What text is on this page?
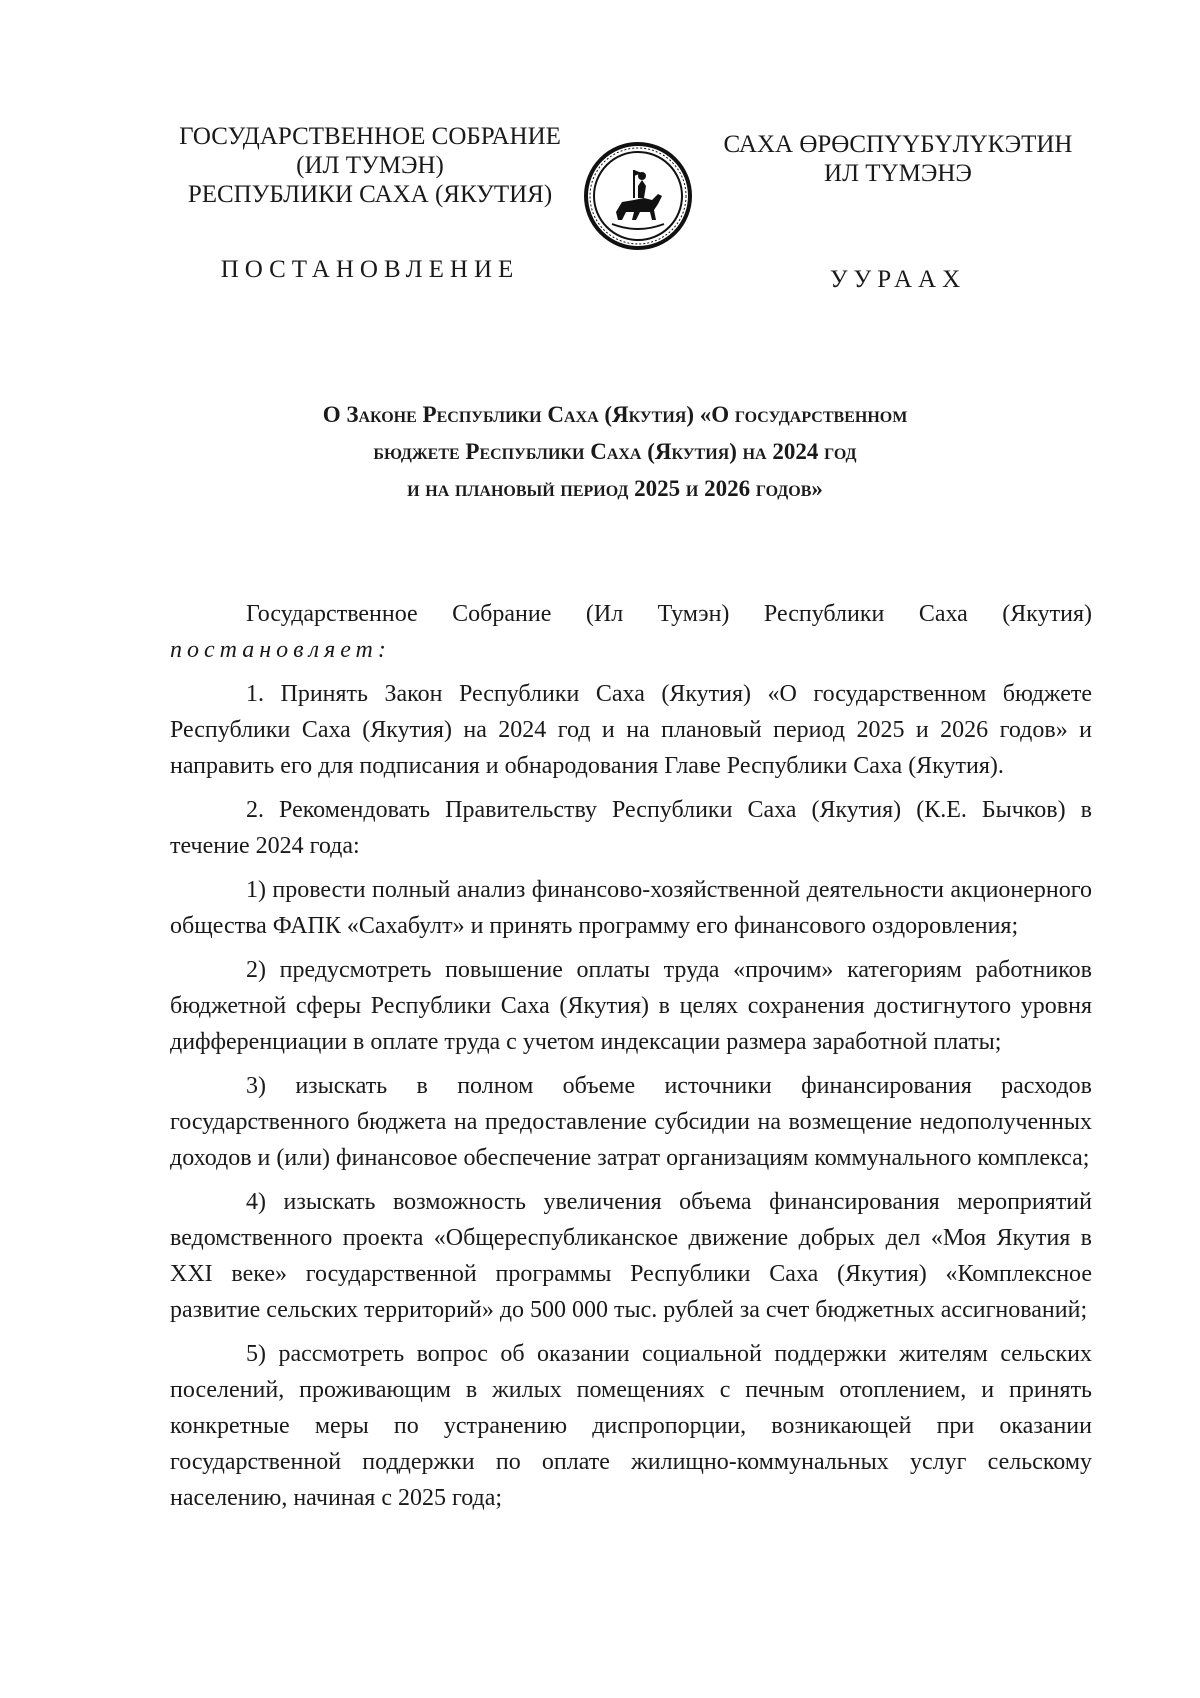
ГОСУДАРСТВЕННОЕ СОБРАНИЕ
(ИЛ ТУМЭН)
РЕСПУБЛИКИ САХА (ЯКУТИЯ)
САХА ӨРӨСПҮҮБҮЛҮКЭТИН
ИЛ ТҮМЭНЭ
ПОСТАНОВЛЕНИЕ	УУРААХ
О Законе Республики Саха (Якутия) «О государственном
бюджете Республики Саха (Якутия) на 2024 год
и на плановый период 2025 и 2026 годов»

Государственное Собрание (Ил Тумэн) Республики Саха (Якутия) постановляет:

1. Принять Закон Республики Саха (Якутия) «О государственном бюджете Республики Саха (Якутия) на 2024 год и на плановый период 2025 и 2026 годов» и направить его для подписания и обнародования Главе Республики Саха (Якутия).

2. Рекомендовать Правительству Республики Саха (Якутия) (К.Е. Бычков) в течение 2024 года:

1) провести полный анализ финансово-хозяйственной деятельности акционерного общества ФАПК «Сахабулт» и принять программу его финансового оздоровления;

2) предусмотреть повышение оплаты труда «прочим» категориям работников бюджетной сферы Республики Саха (Якутия) в целях сохранения достигнутого уровня дифференциации в оплате труда с учетом индексации размера заработной платы;

3) изыскать в полном объеме источники финансирования расходов государственного бюджета на предоставление субсидии на возмещение недополученных доходов и (или) финансовое обеспечение затрат организациям коммунального комплекса;

4) изыскать возможность увеличения объема финансирования мероприятий ведомственного проекта «Общереспубликанское движение добрых дел «Моя Якутия в XXI веке» государственной программы Республики Саха (Якутия) «Комплексное развитие сельских территорий» до 500 000 тыс. рублей за счет бюджетных ассигнований;

5) рассмотреть вопрос об оказании социальной поддержки жителям сельских поселений, проживающим в жилых помещениях с печным отоплением, и принять конкретные меры по устранению диспропорции, возникающей при оказании государственной поддержки по оплате жилищно-коммунальных услуг сельскому населению, начиная с 2025 года;
